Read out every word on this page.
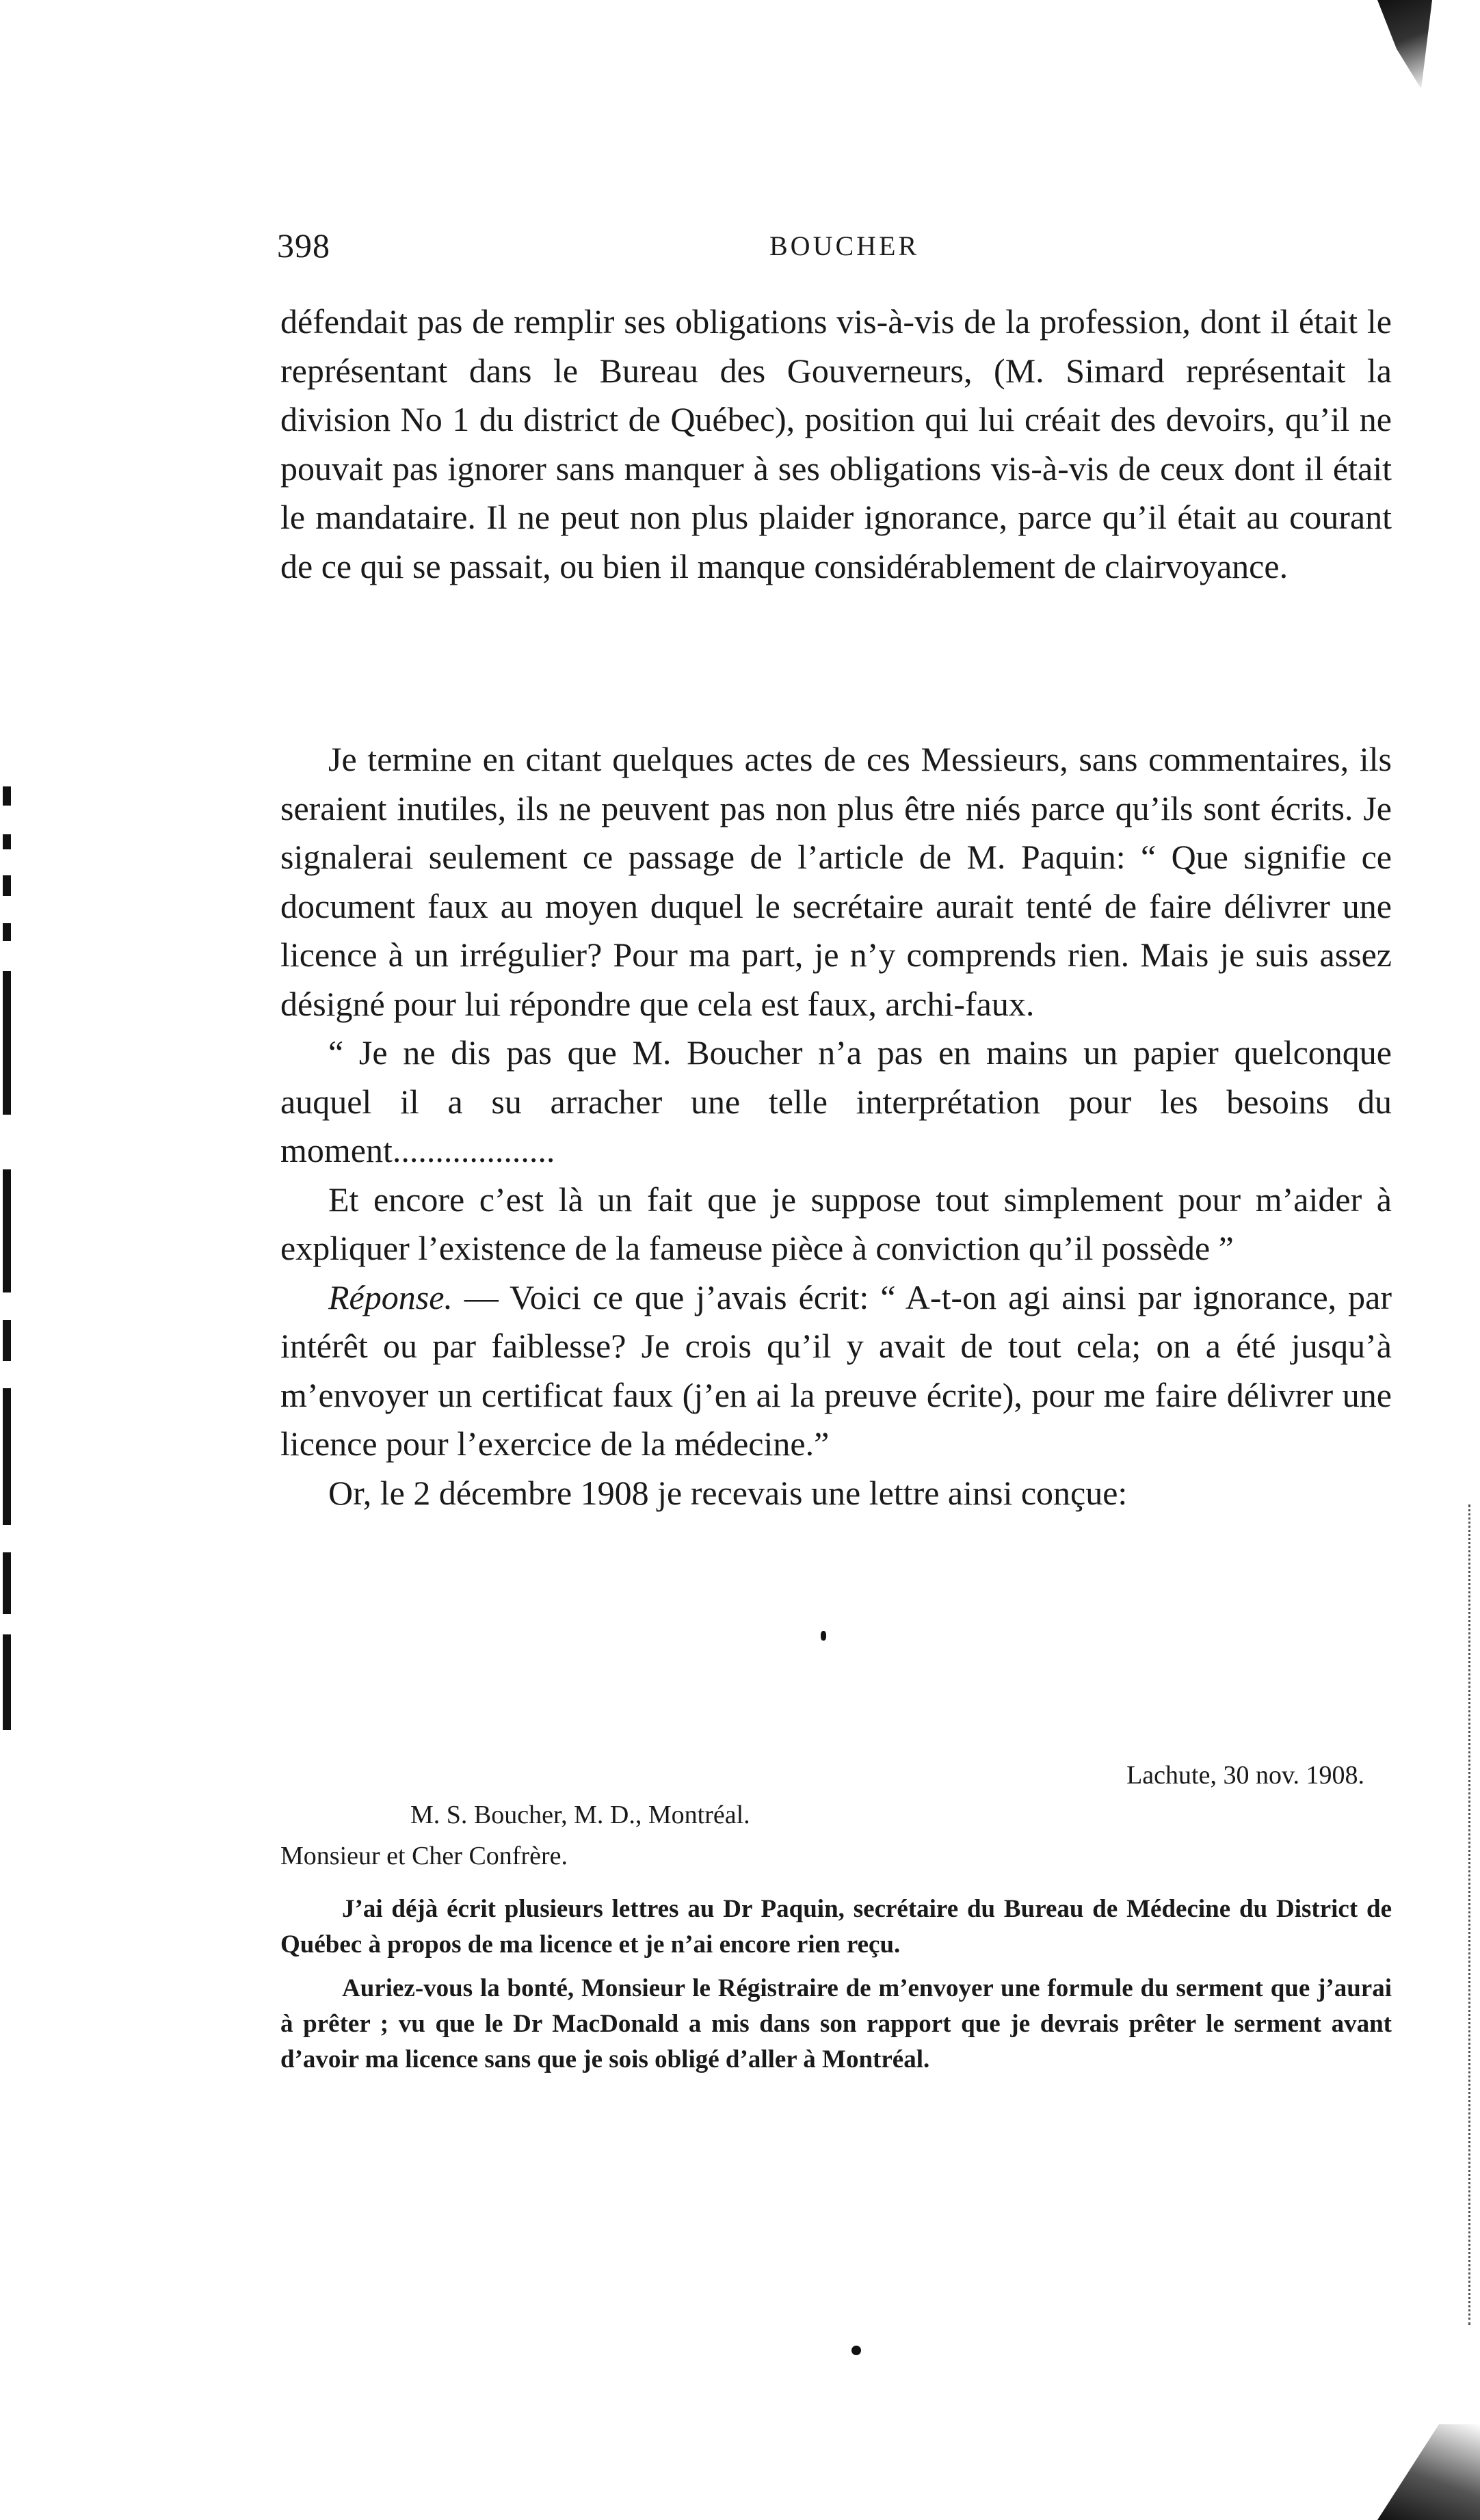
398	BOUCHER

défendait pas de remplir ses obligations vis-à-vis de la profession, dont il était le représentant dans le Bureau des Gouverneurs, (M. Simard représentait la division No 1 du district de Québec), position qui lui créait des devoirs, qu’il ne pouvait pas ignorer sans manquer à ses obligations vis-à-vis de ceux dont il était le mandataire. Il ne peut non plus plaider ignorance, parce qu’il était au courant de ce qui se passait, ou bien il manque considérablement de clairvoyance.

Je termine en citant quelques actes de ces Messieurs, sans commentaires, ils seraient inutiles, ils ne peuvent pas non plus être niés parce qu’ils sont écrits. Je signalerai seulement ce passage de l’article de M. Paquin: “ Que signifie ce document faux au moyen duquel le secrétaire aurait tenté de faire délivrer une licence à un irrégulier? Pour ma part, je n’y comprends rien. Mais je suis assez désigné pour lui répondre que cela est faux, archi-faux.

“ Je ne dis pas que M. Boucher n’a pas en mains un papier quelconque auquel il a su arracher une telle interprétation pour les besoins du moment...................

Et encore c’est là un fait que je suppose tout simplement pour m’aider à expliquer l’existence de la fameuse pièce à conviction qu’il possède ”

Réponse. — Voici ce que j’avais écrit: “ A-t-on agi ainsi par ignorance, par intérêt ou par faiblesse? Je crois qu’il y avait de tout cela; on a été jusqu’à m’envoyer un certificat faux (j’en ai la preuve écrite), pour me faire délivrer une licence pour l’exercice de la médecine.”

Or, le 2 décembre 1908 je recevais une lettre ainsi conçue:

Lachute, 30 nov. 1908.
M. S. Boucher, M. D., Montréal.
Monsieur et Cher Confrère.

J’ai déjà écrit plusieurs lettres au Dr Paquin, secrétaire du Bureau de Médecine du District de Québec à propos de ma licence et je n’ai encore rien reçu.

Auriez-vous la bonté, Monsieur le Régistraire de m’envoyer une formule du serment que j’aurai à prêter ; vu que le Dr MacDonald a mis dans son rapport que je devrais prêter le serment avant d’avoir ma licence sans que je sois obligé d’aller à Montréal.
